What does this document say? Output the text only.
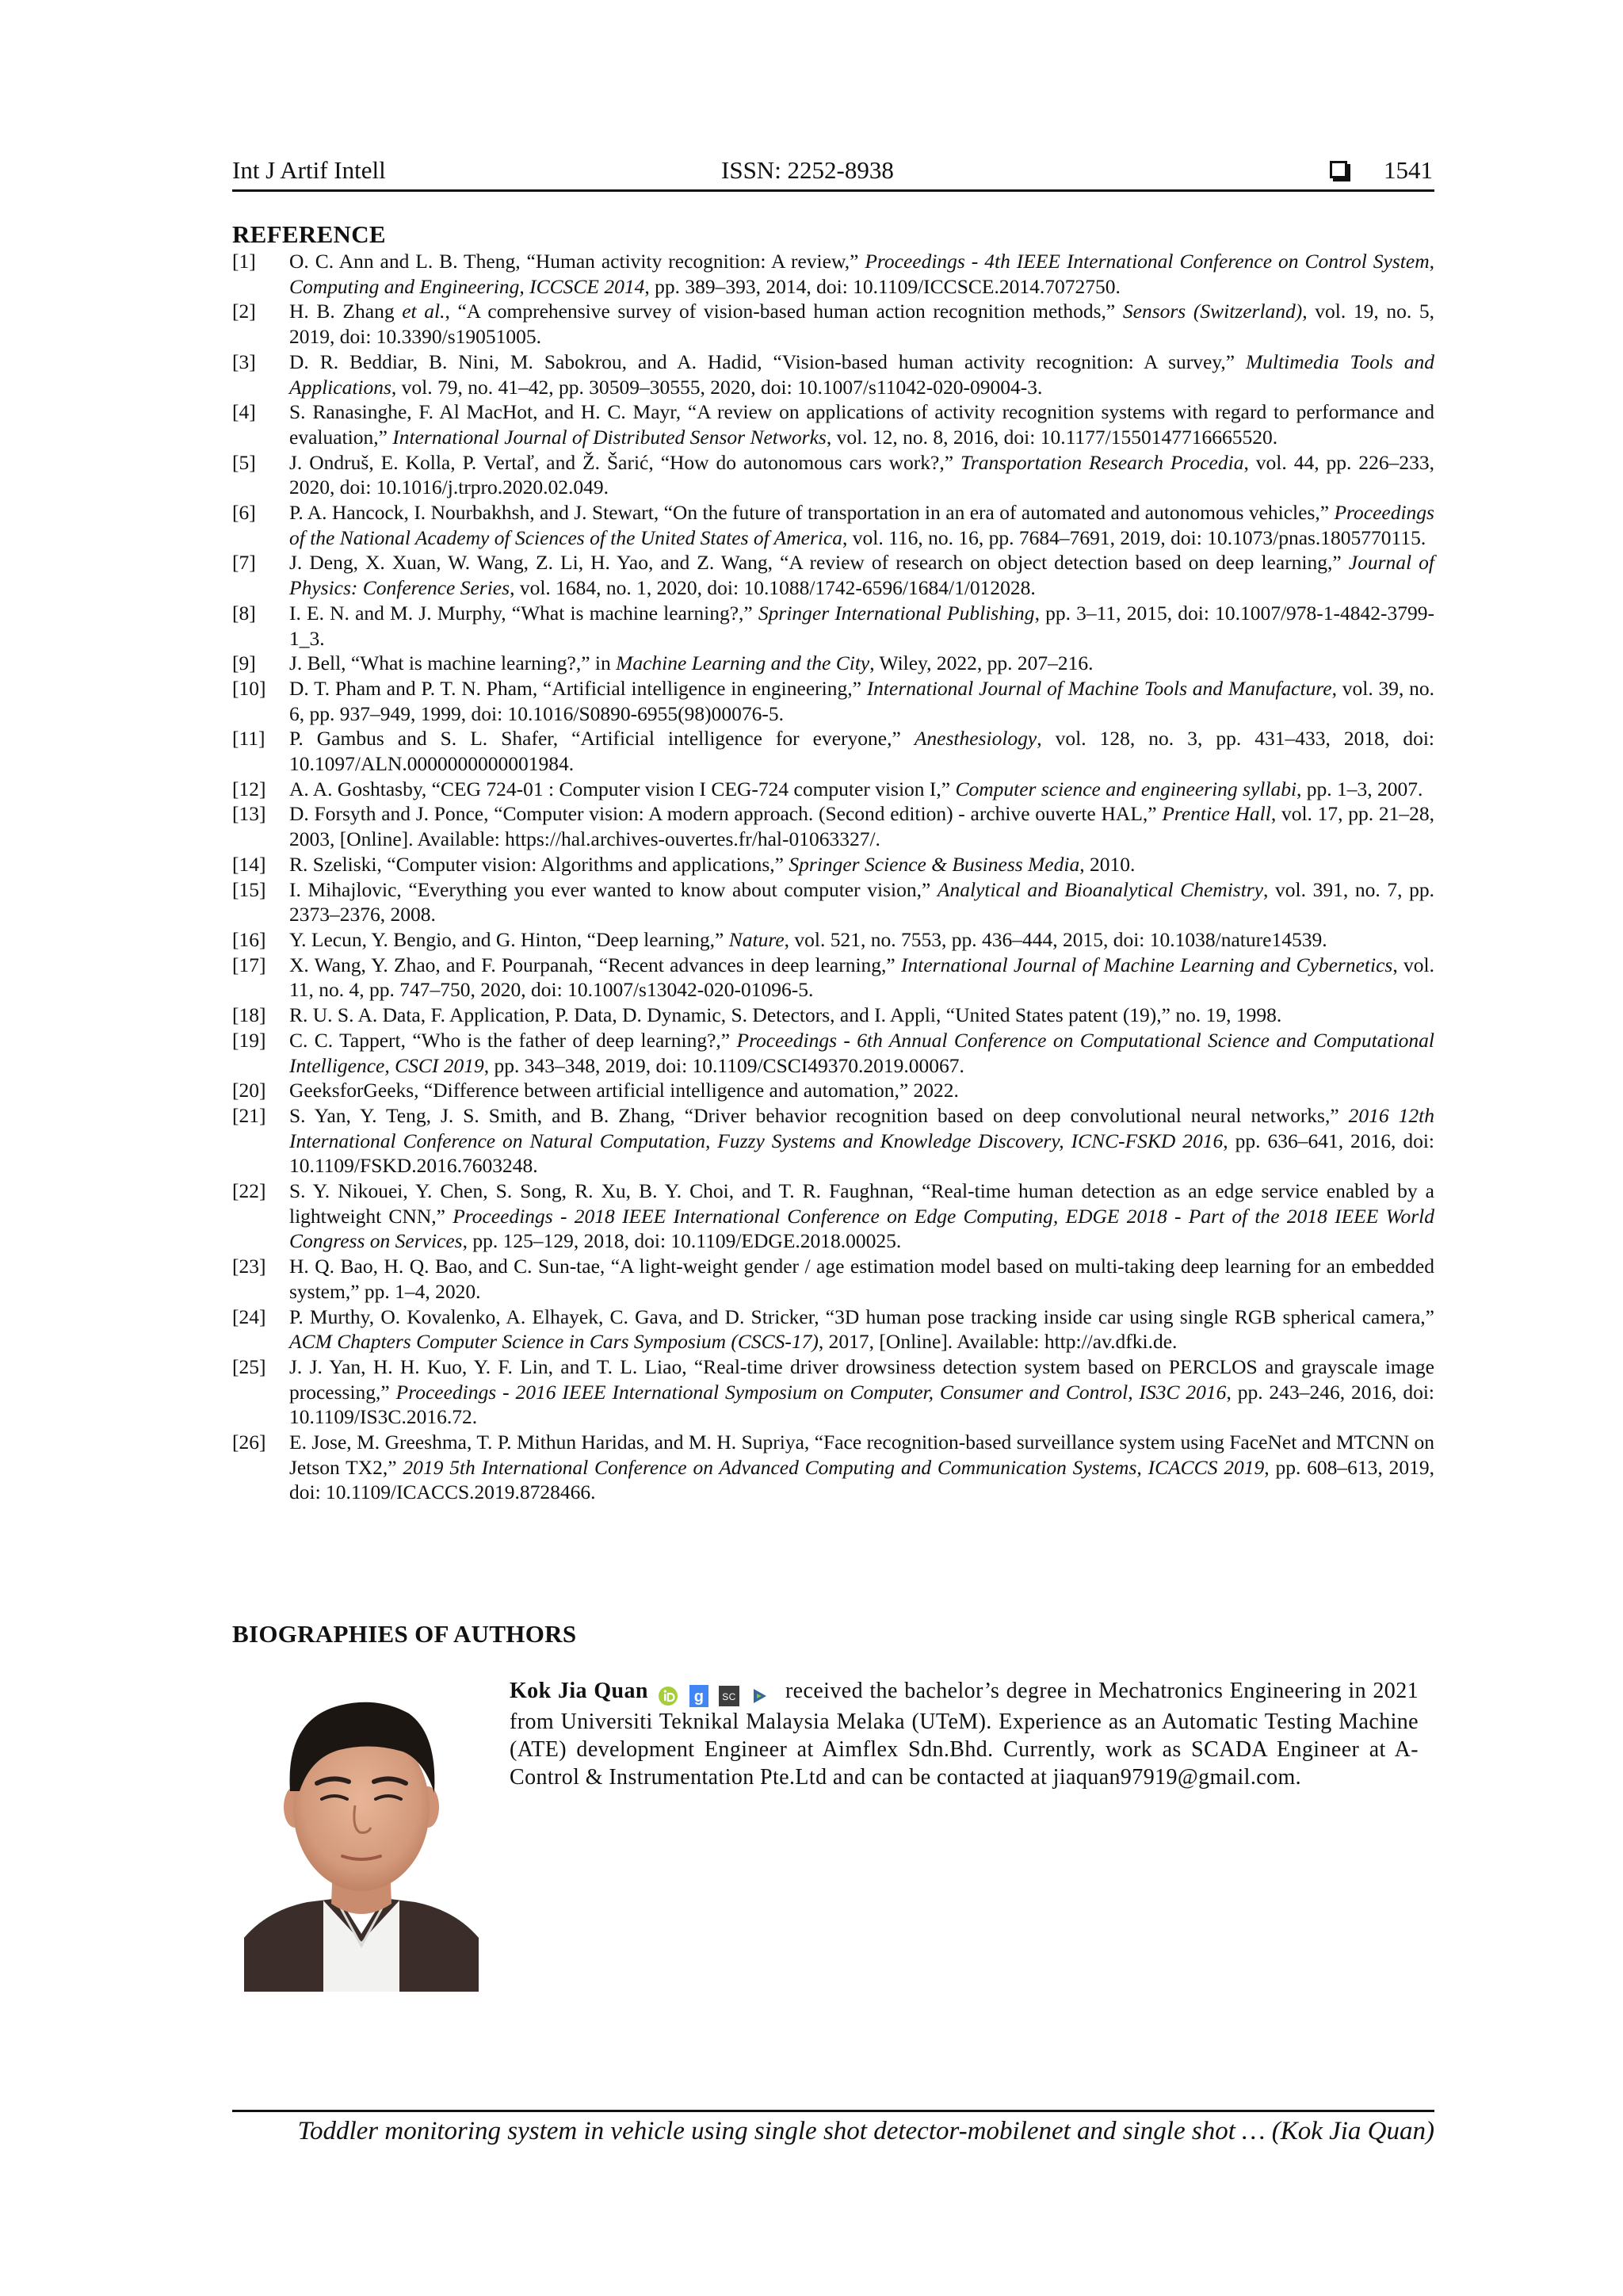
Int J Artif Intell	ISSN: 2252-8938	1541
REFERENCE
[1] O. C. Ann and L. B. Theng, “Human activity recognition: A review,” Proceedings - 4th IEEE International Conference on Control System, Computing and Engineering, ICCSCE 2014, pp. 389–393, 2014, doi: 10.1109/ICCSCE.2014.7072750.
[2] H. B. Zhang et al., “A comprehensive survey of vision-based human action recognition methods,” Sensors (Switzerland), vol. 19, no. 5, 2019, doi: 10.3390/s19051005.
[3] D. R. Beddiar, B. Nini, M. Sabokrou, and A. Hadid, “Vision-based human activity recognition: A survey,” Multimedia Tools and Applications, vol. 79, no. 41–42, pp. 30509–30555, 2020, doi: 10.1007/s11042-020-09004-3.
[4] S. Ranasinghe, F. Al MacHot, and H. C. Mayr, “A review on applications of activity recognition systems with regard to performance and evaluation,” International Journal of Distributed Sensor Networks, vol. 12, no. 8, 2016, doi: 10.1177/1550147716665520.
[5] J. Ondruš, E. Kolla, P. Vertaľ, and Ž. Šarić, “How do autonomous cars work?,” Transportation Research Procedia, vol. 44, pp. 226–233, 2020, doi: 10.1016/j.trpro.2020.02.049.
[6] P. A. Hancock, I. Nourbakhsh, and J. Stewart, “On the future of transportation in an era of automated and autonomous vehicles,” Proceedings of the National Academy of Sciences of the United States of America, vol. 116, no. 16, pp. 7684–7691, 2019, doi: 10.1073/pnas.1805770115.
[7] J. Deng, X. Xuan, W. Wang, Z. Li, H. Yao, and Z. Wang, “A review of research on object detection based on deep learning,” Journal of Physics: Conference Series, vol. 1684, no. 1, 2020, doi: 10.1088/1742-6596/1684/1/012028.
[8] I. E. N. and M. J. Murphy, “What is machine learning?,” Springer International Publishing, pp. 3–11, 2015, doi: 10.1007/978-1-4842-3799-1_3.
[9] J. Bell, “What is machine learning?,” in Machine Learning and the City, Wiley, 2022, pp. 207–216.
[10] D. T. Pham and P. T. N. Pham, “Artificial intelligence in engineering,” International Journal of Machine Tools and Manufacture, vol. 39, no. 6, pp. 937–949, 1999, doi: 10.1016/S0890-6955(98)00076-5.
[11] P. Gambus and S. L. Shafer, “Artificial intelligence for everyone,” Anesthesiology, vol. 128, no. 3, pp. 431–433, 2018, doi: 10.1097/ALN.0000000000001984.
[12] A. A. Goshtasby, “CEG 724-01 : Computer vision I CEG-724 computer vision I,” Computer science and engineering syllabi, pp. 1–3, 2007.
[13] D. Forsyth and J. Ponce, “Computer vision: A modern approach. (Second edition) - archive ouverte HAL,” Prentice Hall, vol. 17, pp. 21–28, 2003, [Online]. Available: https://hal.archives-ouvertes.fr/hal-01063327/.
[14] R. Szeliski, “Computer vision: Algorithms and applications,” Springer Science & Business Media, 2010.
[15] I. Mihajlovic, “Everything you ever wanted to know about computer vision,” Analytical and Bioanalytical Chemistry, vol. 391, no. 7, pp. 2373–2376, 2008.
[16] Y. Lecun, Y. Bengio, and G. Hinton, “Deep learning,” Nature, vol. 521, no. 7553, pp. 436–444, 2015, doi: 10.1038/nature14539.
[17] X. Wang, Y. Zhao, and F. Pourpanah, “Recent advances in deep learning,” International Journal of Machine Learning and Cybernetics, vol. 11, no. 4, pp. 747–750, 2020, doi: 10.1007/s13042-020-01096-5.
[18] R. U. S. A. Data, F. Application, P. Data, D. Dynamic, S. Detectors, and I. Appli, “United States patent (19),” no. 19, 1998.
[19] C. C. Tappert, “Who is the father of deep learning?,” Proceedings - 6th Annual Conference on Computational Science and Computational Intelligence, CSCI 2019, pp. 343–348, 2019, doi: 10.1109/CSCI49370.2019.00067.
[20] GeeksforGeeks, “Difference between artificial intelligence and automation,” 2022.
[21] S. Yan, Y. Teng, J. S. Smith, and B. Zhang, “Driver behavior recognition based on deep convolutional neural networks,” 2016 12th International Conference on Natural Computation, Fuzzy Systems and Knowledge Discovery, ICNC-FSKD 2016, pp. 636–641, 2016, doi: 10.1109/FSKD.2016.7603248.
[22] S. Y. Nikouei, Y. Chen, S. Song, R. Xu, B. Y. Choi, and T. R. Faughnan, “Real-time human detection as an edge service enabled by a lightweight CNN,” Proceedings - 2018 IEEE International Conference on Edge Computing, EDGE 2018 - Part of the 2018 IEEE World Congress on Services, pp. 125–129, 2018, doi: 10.1109/EDGE.2018.00025.
[23] H. Q. Bao, H. Q. Bao, and C. Sun-tae, “A light-weight gender / age estimation model based on multi-taking deep learning for an embedded system,” pp. 1–4, 2020.
[24] P. Murthy, O. Kovalenko, A. Elhayek, C. Gava, and D. Stricker, “3D human pose tracking inside car using single RGB spherical camera,” ACM Chapters Computer Science in Cars Symposium (CSCS-17), 2017, [Online]. Available: http://av.dfki.de.
[25] J. J. Yan, H. H. Kuo, Y. F. Lin, and T. L. Liao, “Real-time driver drowsiness detection system based on PERCLOS and grayscale image processing,” Proceedings - 2016 IEEE International Symposium on Computer, Consumer and Control, IS3C 2016, pp. 243–246, 2016, doi: 10.1109/IS3C.2016.72.
[26] E. Jose, M. Greeshma, T. P. Mithun Haridas, and M. H. Supriya, “Face recognition-based surveillance system using FaceNet and MTCNN on Jetson TX2,” 2019 5th International Conference on Advanced Computing and Communication Systems, ICACCS 2019, pp. 608–613, 2019, doi: 10.1109/ICACCS.2019.8728466.
BIOGRAPHIES OF AUTHORS
Kok Jia Quan	g
SC received the bachelor’s degree in Mechatronics Engineering in 2021 from Universiti Teknikal Malaysia Melaka (UTeM). Experience as an Automatic Testing Machine (ATE) development Engineer at Aimflex Sdn.Bhd. Currently, work as SCADA Engineer at A-Control & Instrumentation Pte.Ltd and can be contacted at jiaquan97919@gmail.com.
Toddler monitoring system in vehicle using single shot detector-mobilenet and single shot … (Kok Jia Quan)
